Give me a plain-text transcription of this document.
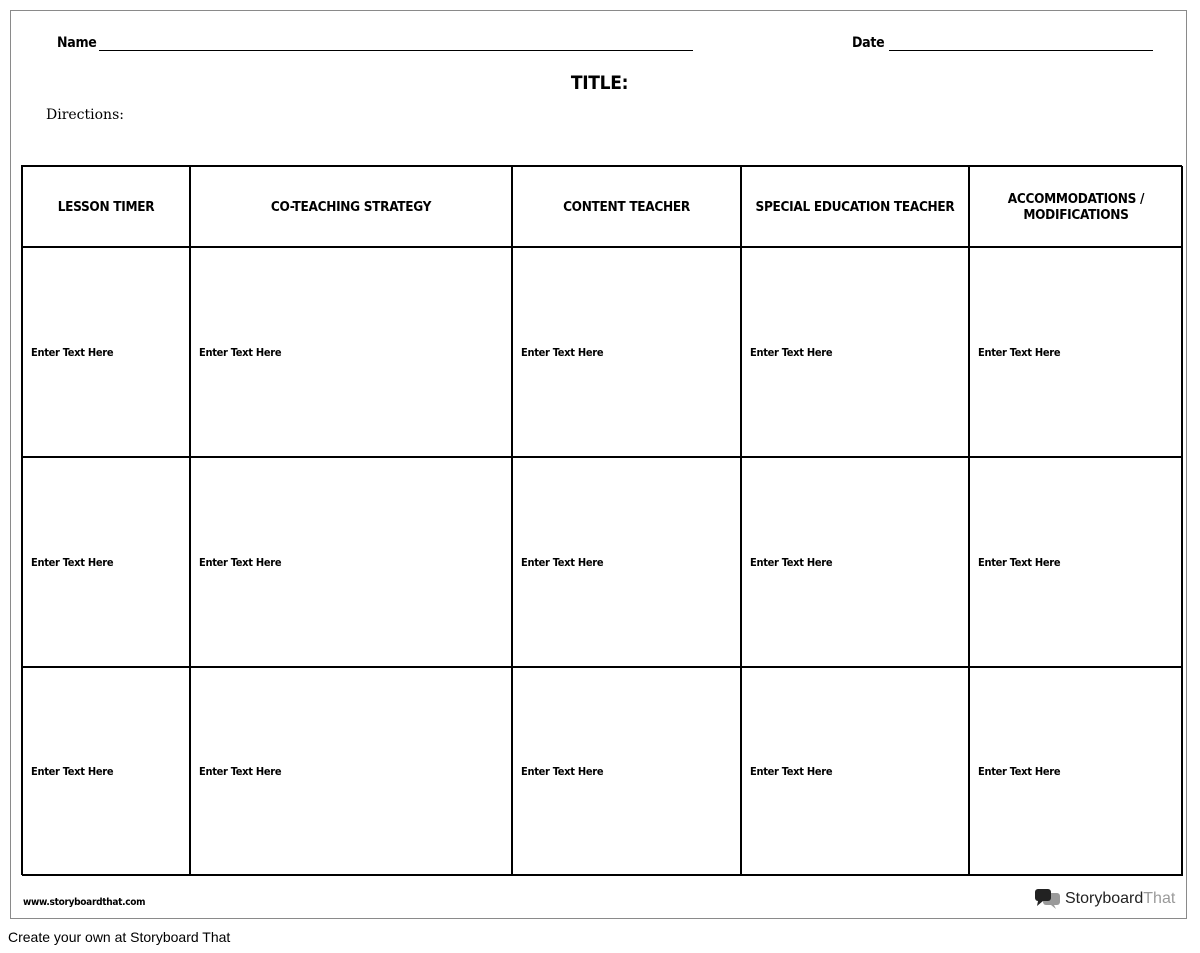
Name	Date
TITLE:
Directions:
LESSON TIMER	CO-TEACHING STRATEGY	CONTENT TEACHER	SPECIAL EDUCATION TEACHER	ACCOMMODATIONS / MODIFICATIONS
Enter Text Here	Enter Text Here	Enter Text Here	Enter Text Here	Enter Text Here
Enter Text Here	Enter Text Here	Enter Text Here	Enter Text Here	Enter Text Here
Enter Text Here	Enter Text Here	Enter Text Here	Enter Text Here	Enter Text Here
www.storyboardthat.com	StoryboardThat
Create your own at Storyboard That
